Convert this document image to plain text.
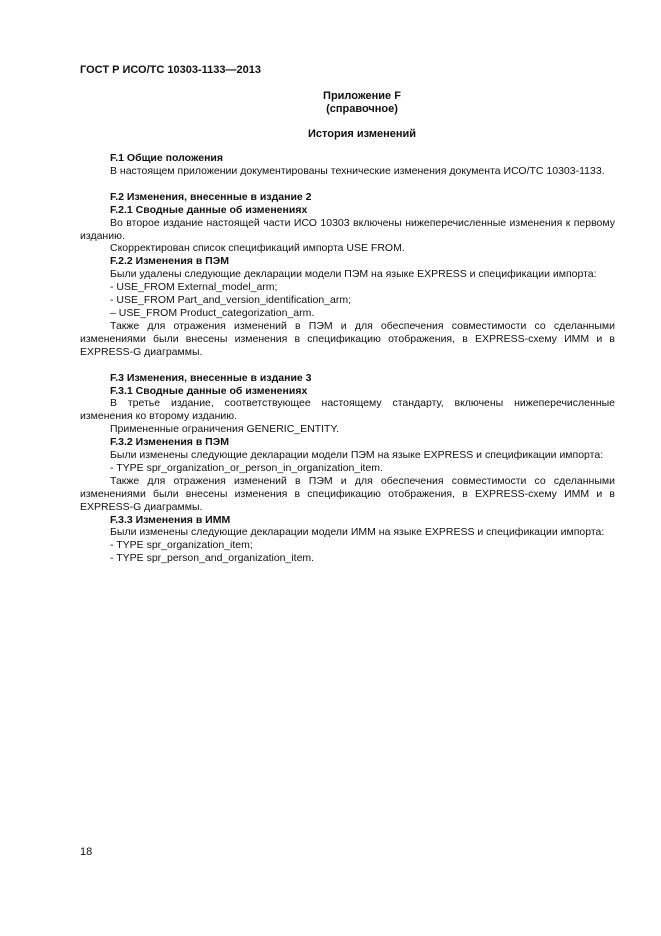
ГОСТ Р ИСО/ТС 10303-1133—2013
Приложение F
(справочное)
История изменений

F.1 Общие положения

В настоящем приложении документированы технические изменения документа ИСО/ТС 10303-1133.

F.2 Изменения, внесенные в издание 2

F.2.1 Сводные данные об изменениях

Во второе издание настоящей части ИСО 10303 включены нижеперечисленные изменения к первому изданию.

Скорректирован список спецификаций импорта USE FROM.

F.2.2 Изменения в ПЭМ

Были удалены следующие декларации модели ПЭМ на языке EXPRESS и спецификации импорта:

- USE_FROM External_model_arm;

- USE_FROM Part_and_version_identification_arm;

– USE_FROM Product_categorization_arm.

Также для отражения изменений в ПЭМ и для обеспечения совместимости со сделанными изменениями были внесены изменения в спецификацию отображения, в EXPRESS-схему ИММ и в EXPRESS-G диаграммы.

F.3 Изменения, внесенные в издание 3

F.3.1 Сводные данные об изменениях

В третье издание, соответствующее настоящему стандарту, включены нижеперечисленные изменения ко второму изданию.

Примененные ограничения GENERIC_ENTITY.

F.3.2 Изменения в ПЭМ

Были изменены следующие декларации модели ПЭМ на языке EXPRESS и спецификации импорта:

- TYPE spr_organization_or_person_in_organization_item.

Также для отражения изменений в ПЭМ и для обеспечения совместимости со сделанными изменениями были внесены изменения в спецификацию отображения, в EXPRESS-схему ИММ и в EXPRESS-G диаграммы.

F.3.3 Изменения в ИММ

Были изменены следующие декларации модели ИММ на языке EXPRESS и спецификации импорта:

- TYPE spr_organization_item;

- TYPE spr_person_and_organization_item.

18
